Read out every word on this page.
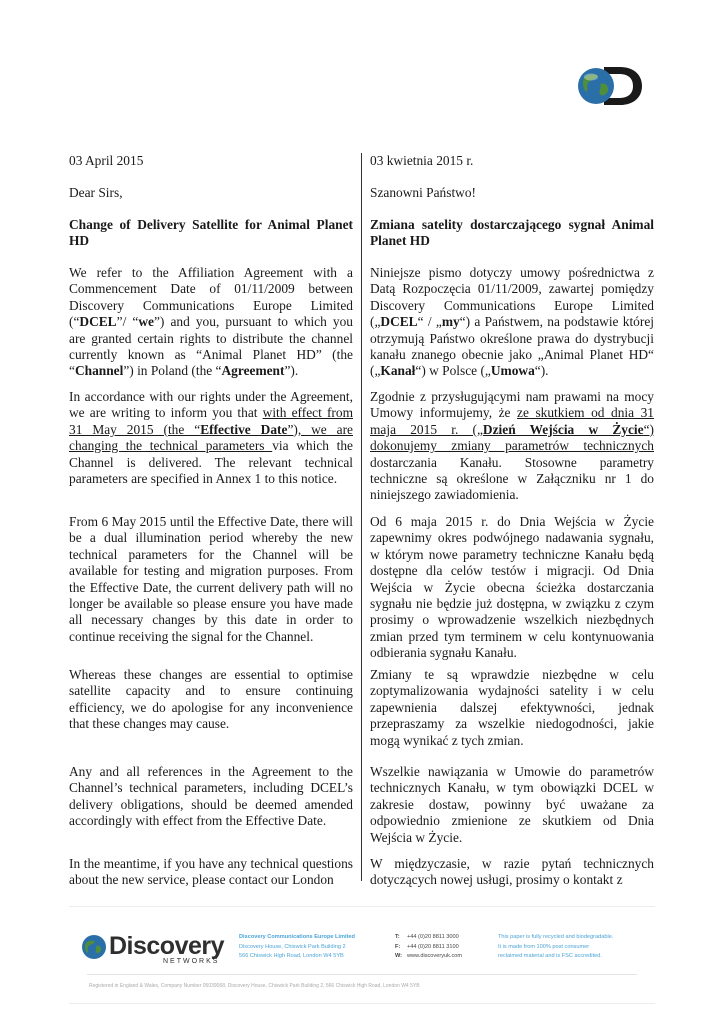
03 April 2015	03 kwietnia 2015 r.

Dear Sirs,	Szanowni Państwo!

Change of Delivery Satellite for Animal Planet HD

Zmiana satelity dostarczającego sygnał Animal Planet HD

We refer to the Affiliation Agreement with a Commencement Date of 01/11/2009 between Discovery Communications Europe Limited (“DCEL”/ “we”) and you, pursuant to which you are granted certain rights to distribute the channel currently known as “Animal Planet HD” (the “Channel”) in Poland (the “Agreement”).

Niniejsze pismo dotyczy umowy pośrednictwa z Datą Rozpoczęcia 01/11/2009, zawartej pomiędzy Discovery Communications Europe Limited („DCEL“ / „my“) a Państwem, na podstawie której otrzymują Państwo określone prawa do dystrybucji kanału znanego obecnie jako „Animal Planet HD“ („Kanał“) w Polsce („Umowa“).

In accordance with our rights under the Agreement, we are writing to inform you that with effect from 31 May 2015 (the “Effective Date”), we are changing the technical parameters via which the Channel is delivered. The relevant technical parameters are specified in Annex 1 to this notice.

Zgodnie z przysługującymi nam prawami na mocy Umowy informujemy, że ze skutkiem od dnia 31 maja 2015 r. („Dzień Wejścia w Życie“) dokonujemy zmiany parametrów technicznych dostarczania Kanału. Stosowne parametry techniczne są określone w Załączniku nr 1 do niniejszego zawiadomienia.

From 6 May 2015 until the Effective Date, there will be a dual illumination period whereby the new technical parameters for the Channel will be available for testing and migration purposes. From the Effective Date, the current delivery path will no longer be available so please ensure you have made all necessary changes by this date in order to continue receiving the signal for the Channel.

Od 6 maja 2015 r. do Dnia Wejścia w Życie zapewnimy okres podwójnego nadawania sygnału, w którym nowe parametry techniczne Kanału będą dostępne dla celów testów i migracji. Od Dnia Wejścia w Życie obecna ścieżka dostarczania sygnału nie będzie już dostępna, w związku z czym prosimy o wprowadzenie wszelkich niezbędnych zmian przed tym terminem w celu kontynuowania odbierania sygnału Kanału.

Whereas these changes are essential to optimise satellite capacity and to ensure continuing efficiency, we do apologise for any inconvenience that these changes may cause.

Zmiany te są wprawdzie niezbędne w celu zoptymalizowania wydajności satelity i w celu zapewnienia dalszej efektywności, jednak przepraszamy za wszelkie niedogodności, jakie mogą wynikać z tych zmian.

Any and all references in the Agreement to the Channel’s technical parameters, including DCEL’s delivery obligations, should be deemed amended accordingly with effect from the Effective Date.

Wszelkie nawiązania w Umowie do parametrów technicznych Kanału, w tym obowiązki DCEL w zakresie dostaw, powinny być uważane za odpowiednio zmienione ze skutkiem od Dnia Wejścia w Życie.

In the meantime, if you have any technical questions about the new service, please contact our London

W międzyczasie, w razie pytań technicznych dotyczących nowej usługi, prosimy o kontakt z

Discovery
NETWORKS
Discovery Communications Europe Limited
Discovery House, Chiswick Park Building 2
566 Chiswick High Road, London W4 5YB
T: +44 (0)20 8811 3000
F: +44 (0)20 8811 3100
W: www.discoveryuk.com
This paper is fully recycled and biodegradable.
It is made from 100% post consumer
reclaimed material and is FSC accredited.
Registered in England & Wales, Company Number 05039068, Discovery House, Chiswick Park Building 2, 566 Chiswick High Road, London W4 5YB
